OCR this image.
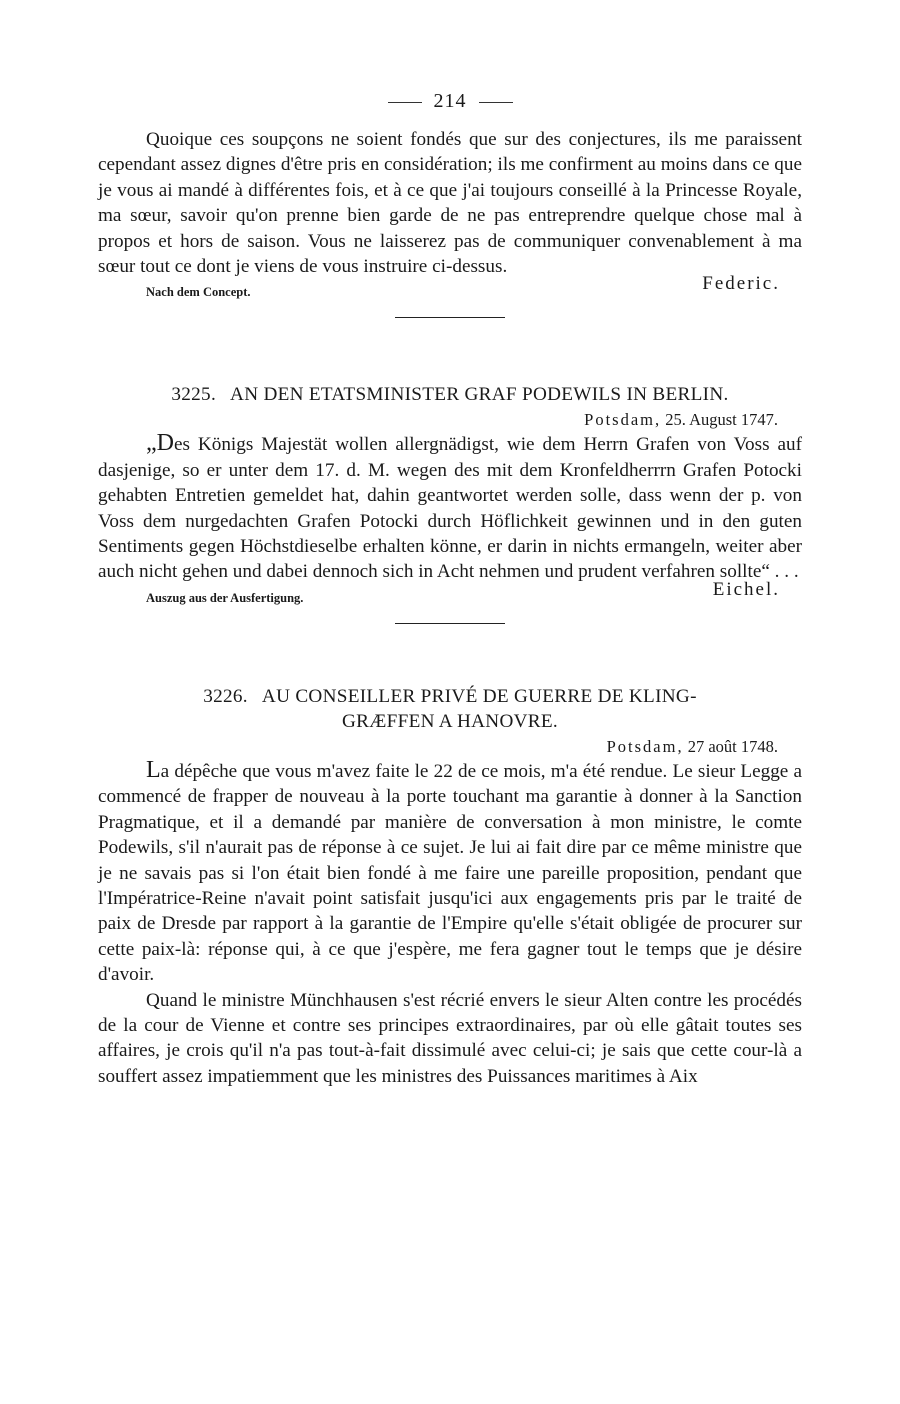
214

Quoique ces soupçons ne soient fondés que sur des conjectures, ils me paraissent cependant assez dignes d'être pris en considération; ils me confirment au moins dans ce que je vous ai mandé à différentes fois, et à ce que j'ai toujours conseillé à la Princesse Royale, ma sœur, savoir qu'on prenne bien garde de ne pas entreprendre quelque chose mal à propos et hors de saison. Vous ne laisserez pas de communiquer convenablement à ma sœur tout ce dont je viens de vous instruire ci-dessus.

Nach dem Concept.	Federic.
3225. AN DEN ETATSMINISTER GRAF PODEWILS IN BERLIN.
Potsdam, 25. August 1747.

„Des Königs Majestät wollen allergnädigst, wie dem Herrn Grafen von Voss auf dasjenige, so er unter dem 17. d. M. wegen des mit dem Kronfeldherrrn Grafen Potocki gehabten Entretien gemeldet hat, dahin geantwortet werden solle, dass wenn der p. von Voss dem nurgedachten Grafen Potocki durch Höflichkeit gewinnen und in den guten Sentiments gegen Höchstdieselbe erhalten könne, er darin in nichts ermangeln, weiter aber auch nicht gehen und dabei dennoch sich in Acht nehmen und prudent verfahren sollte“ . . .

Auszug aus der Ausfertigung.	Eichel.
3226. AU CONSEILLER PRIVÉ DE GUERRE DE KLING-
GRÆFFEN A HANOVRE.
Potsdam, 27 août 1748.

La dépêche que vous m'avez faite le 22 de ce mois, m'a été rendue. Le sieur Legge a commencé de frapper de nouveau à la porte touchant ma garantie à donner à la Sanction Pragmatique, et il a demandé par manière de conversation à mon ministre, le comte Podewils, s'il n'aurait pas de réponse à ce sujet. Je lui ai fait dire par ce même ministre que je ne savais pas si l'on était bien fondé à me faire une pareille proposition, pendant que l'Impératrice-Reine n'avait point satisfait jusqu'ici aux engagements pris par le traité de paix de Dresde par rapport à la garantie de l'Empire qu'elle s'était obligée de procurer sur cette paix-là: réponse qui, à ce que j'espère, me fera gagner tout le temps que je désire d'avoir.

Quand le ministre Münchhausen s'est récrié envers le sieur Alten contre les procédés de la cour de Vienne et contre ses principes extraordinaires, par où elle gâtait toutes ses affaires, je crois qu'il n'a pas tout-à-fait dissimulé avec celui-ci; je sais que cette cour-là a souffert assez impatiemment que les ministres des Puissances maritimes à Aix
